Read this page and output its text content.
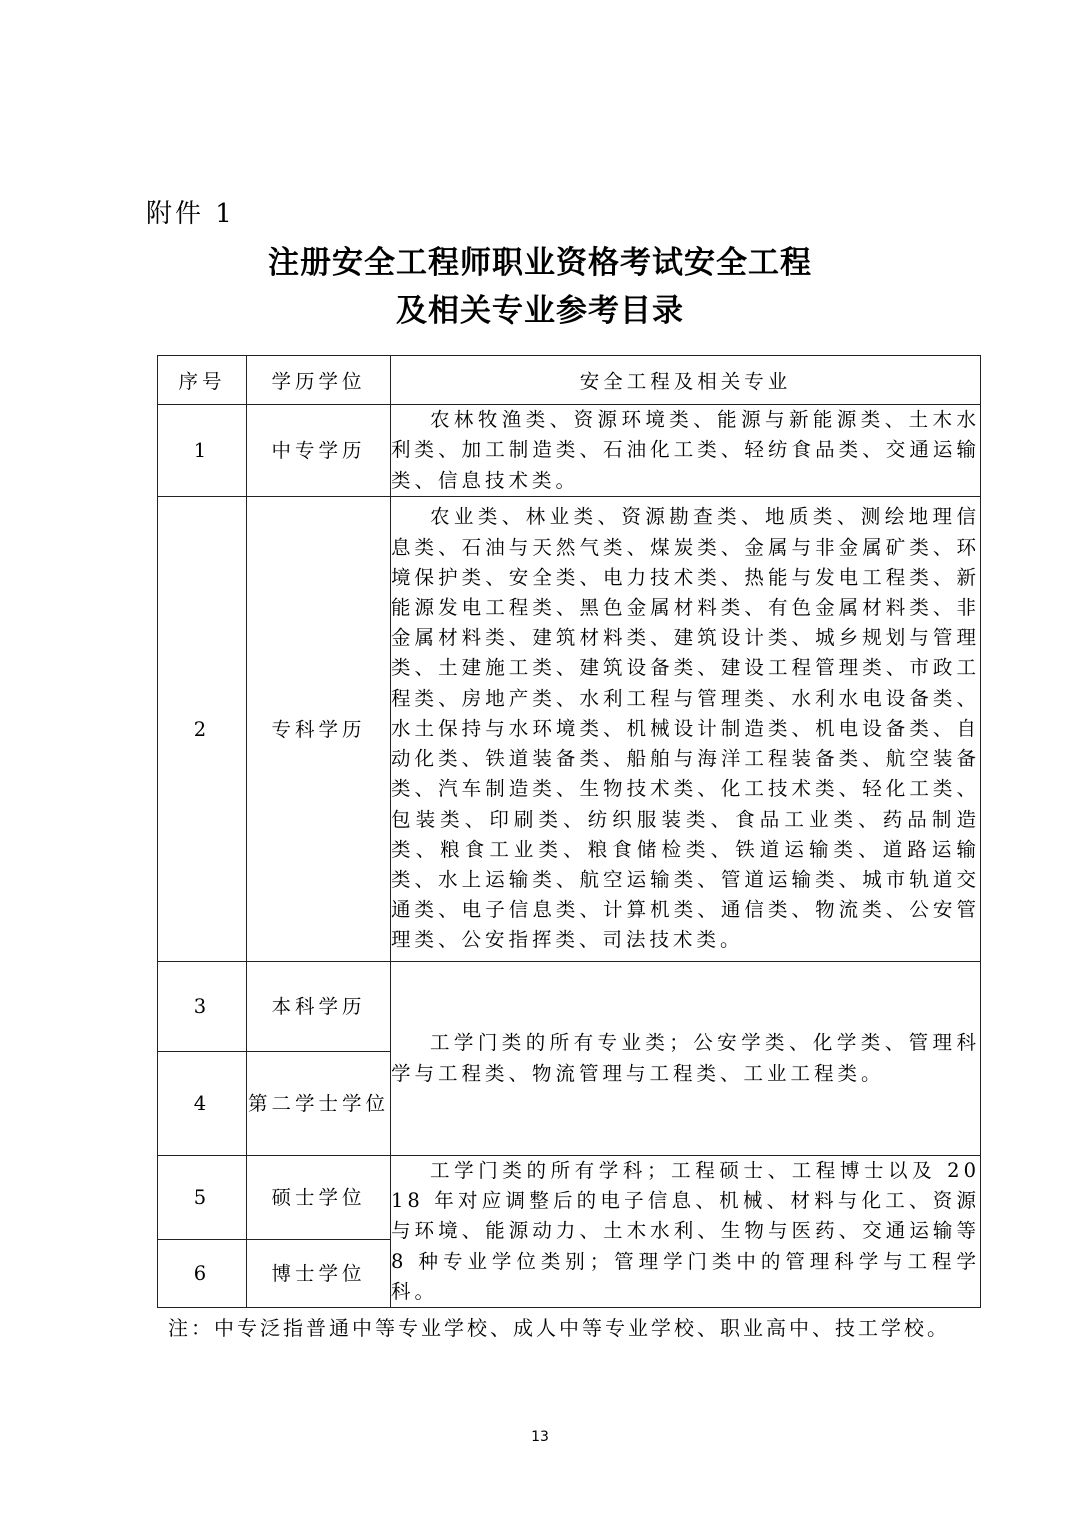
附件 1
注册安全工程师职业资格考试安全工程
及相关专业参考目录
序号	学历学位	安全工程及相关专业
1	中专学历	农林牧渔类、资源环境类、能源与新能源类、土木水利类、加工制造类、石油化工类、轻纺食品类、交通运输类、信息技术类。
2	专科学历	农业类、林业类、资源勘查类、地质类、测绘地理信息类、石油与天然气类、煤炭类、金属与非金属矿类、环境保护类、安全类、电力技术类、热能与发电工程类、新能源发电工程类、黑色金属材料类、有色金属材料类、非金属材料类、建筑材料类、建筑设计类、城乡规划与管理类、土建施工类、建筑设备类、建设工程管理类、市政工程类、房地产类、水利工程与管理类、水利水电设备类、水土保持与水环境类、机械设计制造类、机电设备类、自动化类、铁道装备类、船舶与海洋工程装备类、航空装备类、汽车制造类、生物技术类、化工技术类、轻化工类、包装类、印刷类、纺织服装类、食品工业类、药品制造类、粮食工业类、粮食储检类、铁道运输类、道路运输类、水上运输类、航空运输类、管道运输类、城市轨道交通类、电子信息类、计算机类、通信类、物流类、公安管理类、公安指挥类、司法技术类。
3	本科学历	工学门类的所有专业类；公安学类、化学类、管理科学与工程类、物流管理与工程类、工业工程类。
4	第二学士学位	
5	硕士学位	工学门类的所有学科；工程硕士、工程博士以及 2018 年对应调整后的电子信息、机械、材料与化工、资源与环境、能源动力、土木水利、生物与医药、交通运输等 8 种专业学位类别；管理学门类中的管理科学与工程学科。
6	博士学位	
注：中专泛指普通中等专业学校、成人中等专业学校、职业高中、技工学校。
13
